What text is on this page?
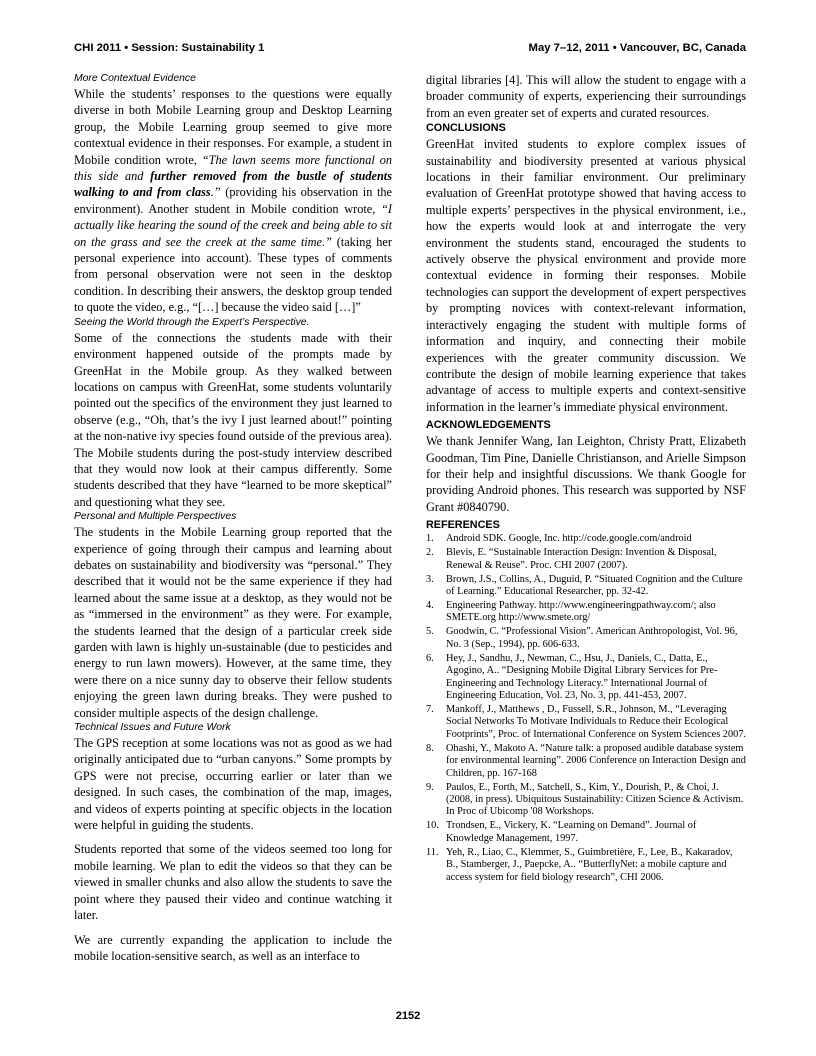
CHI 2011 • Session: Sustainability 1	May 7–12, 2011 • Vancouver, BC, Canada
More Contextual Evidence

While the students’ responses to the questions were equally diverse in both Mobile Learning group and Desktop Learning group, the Mobile Learning group seemed to give more contextual evidence in their responses. For example, a student in Mobile condition wrote, “The lawn seems more functional on this side and further removed from the bustle of students walking to and from class.” (providing his observation in the environment). Another student in Mobile condition wrote, “I actually like hearing the sound of the creek and being able to sit on the grass and see the creek at the same time.” (taking her personal experience into account). These types of comments from personal observation were not seen in the desktop condition. In describing their answers, the desktop group tended to quote the video, e.g., “[…] because the video said […]”

Seeing the World through the Expert’s Perspective.

Some of the connections the students made with their environment happened outside of the prompts made by GreenHat in the Mobile group. As they walked between locations on campus with GreenHat, some students voluntarily pointed out the specifics of the environment they just learned to observe (e.g., “Oh, that’s the ivy I just learned about!” pointing at the non-native ivy species found outside of the previous area). The Mobile students during the post-study interview described that they would now look at their campus differently. Some students described that they have “learned to be more skeptical” and questioning what they see.

Personal and Multiple Perspectives

The students in the Mobile Learning group reported that the experience of going through their campus and learning about debates on sustainability and biodiversity was “personal.” They described that it would not be the same experience if they had learned about the same issue at a desktop, as they would not be as “immersed in the environment” as they were. For example, the students learned that the design of a particular creek side garden with lawn is highly un-sustainable (due to pesticides and energy to run lawn mowers). However, at the same time, they were there on a nice sunny day to observe their fellow students enjoying the green lawn during breaks. They were pushed to consider multiple aspects of the design challenge.

Technical Issues and Future Work

The GPS reception at some locations was not as good as we had originally anticipated due to “urban canyons.” Some prompts by GPS were not precise, occurring earlier or later than we designed. In such cases, the combination of the map, images, and videos of experts pointing at specific objects in the location were helpful in guiding the students.

Students reported that some of the videos seemed too long for mobile learning. We plan to edit the videos so that they can be viewed in smaller chunks and also allow the students to save the point where they paused their video and continue watching it later.

We are currently expanding the application to include the mobile location-sensitive search, as well as an interface to

digital libraries [4]. This will allow the student to engage with a broader community of experts, experiencing their surroundings from an even greater set of experts and curated resources.

CONCLUSIONS

GreenHat invited students to explore complex issues of sustainability and biodiversity presented at various physical locations in their familiar environment. Our preliminary evaluation of GreenHat prototype showed that having access to multiple experts’ perspectives in the physical environment, i.e., how the experts would look at and interrogate the very environment the students stand, encouraged the students to actively observe the physical environment and provide more contextual evidence in forming their responses. Mobile technologies can support the development of expert perspectives by prompting novices with context-relevant information, interactively engaging the student with multiple forms of information and inquiry, and connecting their mobile experiences with the greater community discussion. We contribute the design of mobile learning experience that takes advantage of access to multiple experts and context-sensitive information in the learner’s immediate physical environment.

ACKNOWLEDGEMENTS

We thank Jennifer Wang, Ian Leighton, Christy Pratt, Elizabeth Goodman, Tim Pine, Danielle Christianson, and Arielle Simpson for their help and insightful discussions. We thank Google for providing Android phones. This research was supported by NSF Grant #0840790.

REFERENCES
1. Android SDK. Google, Inc. http://code.google.com/android
2. Blevis, E. “Sustainable Interaction Design: Invention & Disposal, Renewal & Reuse”. Proc. CHI 2007 (2007).
3. Brown, J.S., Collins, A., Duguid, P. “Situated Cognition and the Culture of Learning.” Educational Researcher, pp. 32-42.
4. Engineering Pathway. http://www.engineeringpathway.com/; also SMETE.org http://www.smete.org/
5. Goodwin, C. “Professional Vision”. American Anthropologist, Vol. 96, No. 3 (Sep., 1994), pp. 606-633.
6. Hey, J., Sandhu, J., Newman, C., Hsu, J., Daniels, C., Datta, E., Agogino, A.. “Designing Mobile Digital Library Services for Pre-Engineering and Technology Literacy.” International Journal of Engineering Education, Vol. 23, No. 3, pp. 441-453, 2007.
7. Mankoff, J., Matthews , D., Fussell, S.R., Johnson, M., “Leveraging Social Networks To Motivate Individuals to Reduce their Ecological Footprints”, Proc. of International Conference on System Sciences 2007.
8. Ohashi, Y., Makoto A. “Nature talk: a proposed audible database system for environmental learning”. 2006 Conference on Interaction Design and Children, pp. 167-168
9. Paulos, E., Forth, M., Satchell, S., Kim, Y., Dourish, P., & Choi, J. (2008, in press). Ubiquitous Sustainability: Citizen Science & Activism. In Proc of Ubicomp '08 Workshops.
10. Trondsen, E., Vickery, K. “Learning on Demand”. Journal of Knowledge Management, 1997.
11. Yeh, R., Liao, C., Klemmer, S., Guimbretière, F., Lee, B., Kakaradov, B., Stamberger, J., Paepcke, A.. “ButterflyNet: a mobile capture and access system for field biology research”, CHI 2006.
2152
